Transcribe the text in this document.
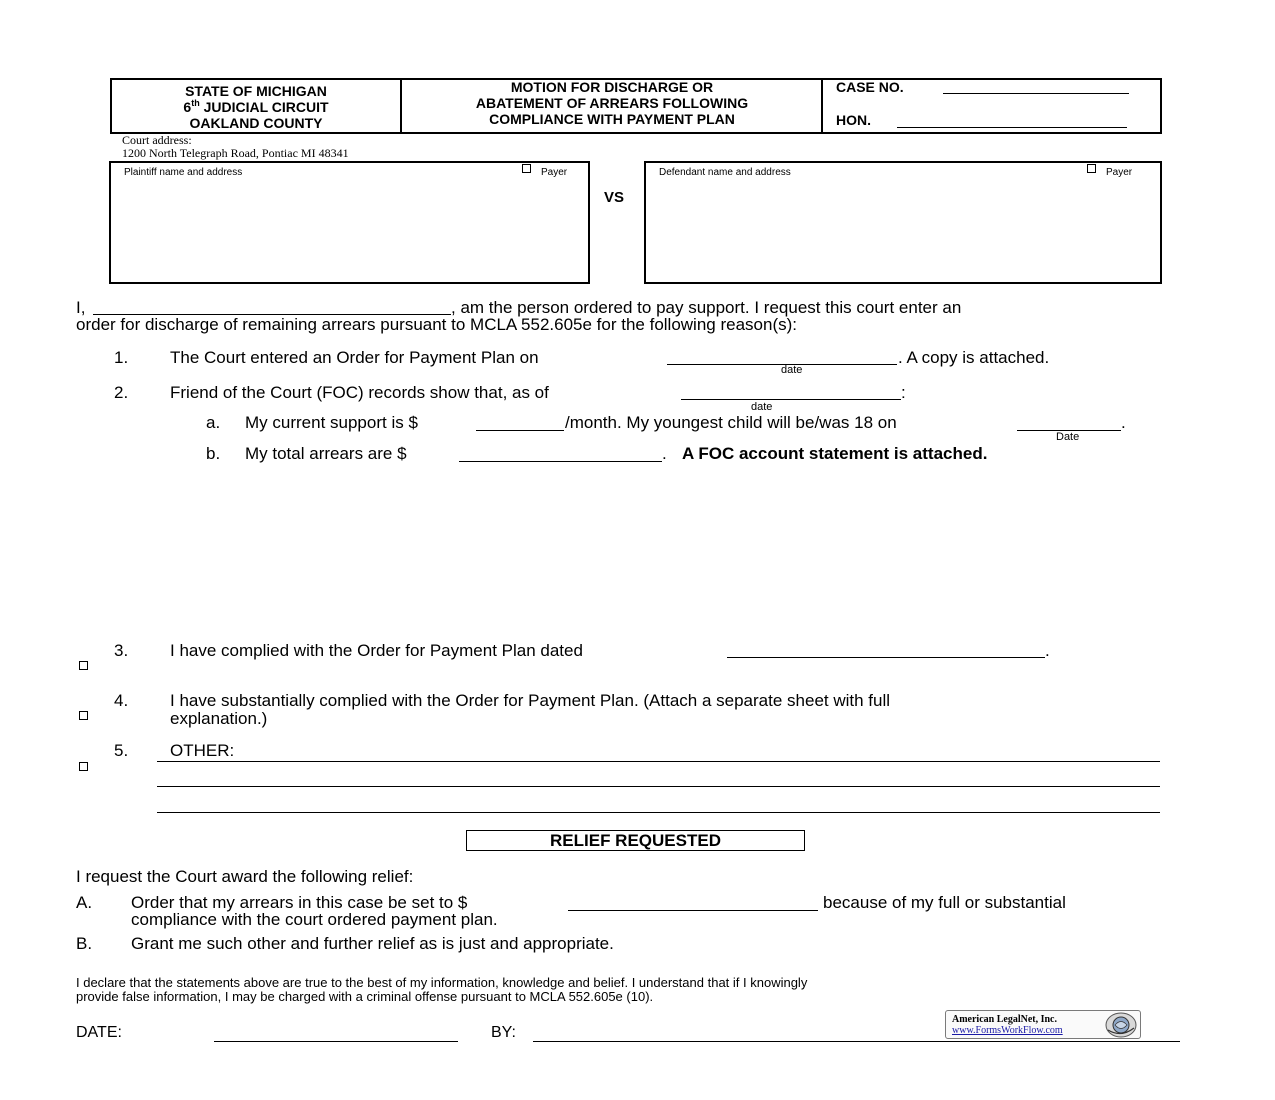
STATE OF MICHIGAN
6th JUDICIAL CIRCUIT
OAKLAND COUNTY
MOTION FOR DISCHARGE OR
ABATEMENT OF ARREARS FOLLOWING
COMPLIANCE WITH PAYMENT PLAN
CASE NO.
HON.
Court address:
1200 North Telegraph Road, Pontiac MI 48341
Plaintiff name and address	Payer
VS
Defendant name and address	Payer
I,	, am the person ordered to pay support. I request this court enter an
order for discharge of remaining arrears pursuant to MCLA 552.605e for the following reason(s):
1. The Court entered an Order for Payment Plan on	. A copy is attached.
date
2. Friend of the Court (FOC) records show that, as of	:
date
a. My current support is $	/month. My youngest child will be/was 18 on	.
Date
b. My total arrears are $	. A FOC account statement is attached.
3. I have complied with the Order for Payment Plan dated	.
4. I have substantially complied with the Order for Payment Plan. (Attach a separate sheet with full
explanation.)
5. OTHER:
RELIEF REQUESTED
I request the Court award the following relief:
A. Order that my arrears in this case be set to $	because of my full or substantial
compliance with the court ordered payment plan.
B. Grant me such other and further relief as is just and appropriate.
I declare that the statements above are true to the best of my information, knowledge and belief. I understand that if I knowingly
provide false information, I may be charged with a criminal offense pursuant to MCLA 552.605e (10).
DATE:	BY:
American LegalNet, Inc.
www.FormsWorkFlow.com
